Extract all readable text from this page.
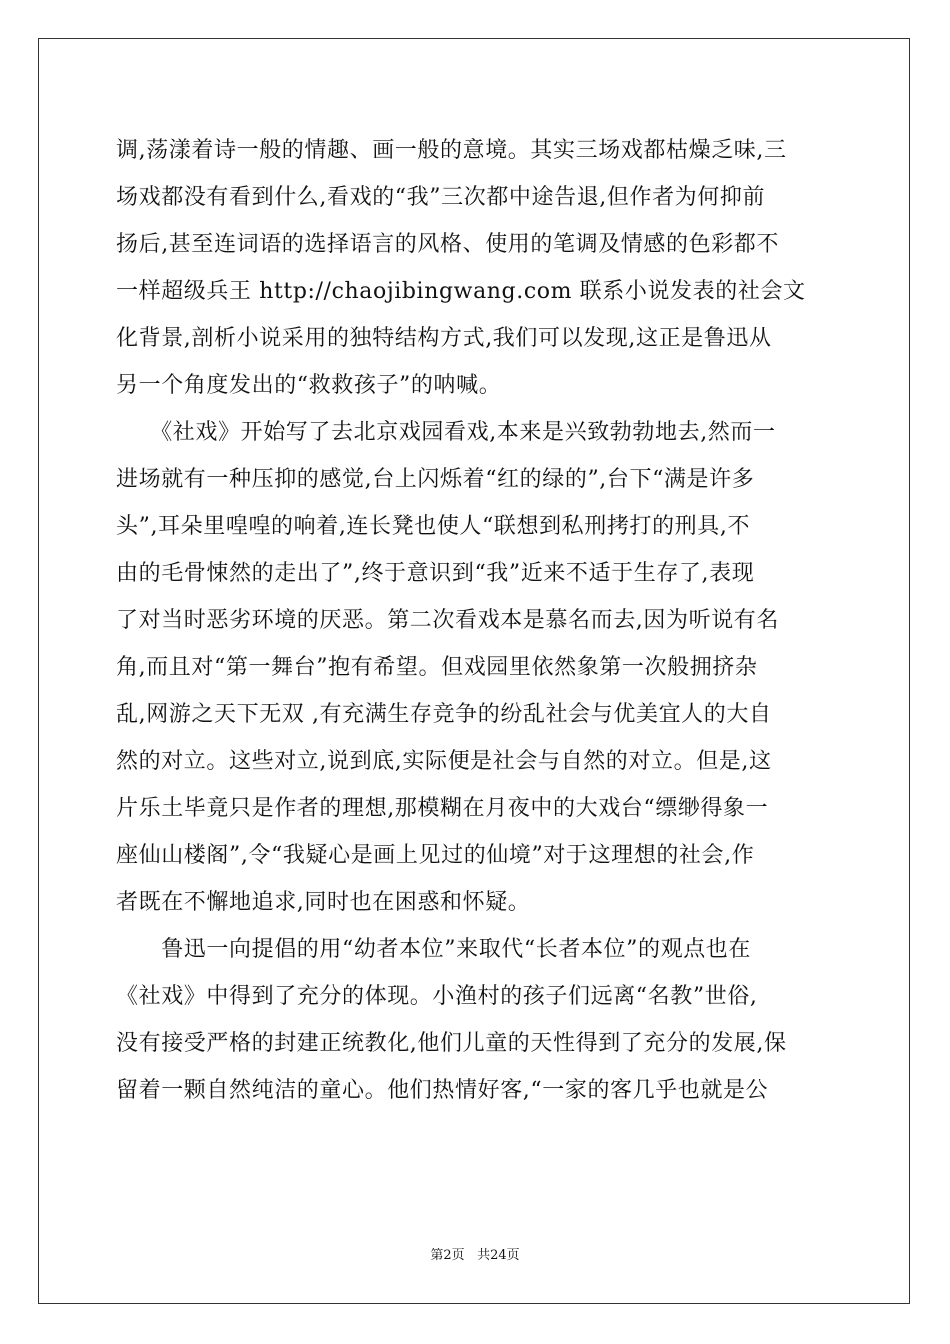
调,荡漾着诗一般的情趣、画一般的意境。其实三场戏都枯燥乏味,三
场戏都没有看到什么,看戏的“我”三次都中途告退,但作者为何抑前
扬后,甚至连词语的选择语言的风格、使用的笔调及情感的色彩都不
一样超级兵王 http://chaojibingwang.com 联系小说发表的社会文
化背景,剖析小说采用的独特结构方式,我们可以发现,这正是鲁迅从
另一个角度发出的“救救孩子”的呐喊。
　　《社戏》开始写了去北京戏园看戏,本来是兴致勃勃地去,然而一
进场就有一种压抑的感觉,台上闪烁着“红的绿的”,台下“满是许多
头”,耳朵里喤喤的响着,连长凳也使人“联想到私刑拷打的刑具,不
由的毛骨悚然的走出了”,终于意识到“我”近来不适于生存了,表现
了对当时恶劣环境的厌恶。第二次看戏本是慕名而去,因为听说有名
角,而且对“第一舞台”抱有希望。但戏园里依然象第一次般拥挤杂
乱,网游之天下无双 ,有充满生存竞争的纷乱社会与优美宜人的大自
然的对立。这些对立,说到底,实际便是社会与自然的对立。但是,这
片乐土毕竟只是作者的理想,那模糊在月夜中的大戏台“缥缈得象一
座仙山楼阁”,令“我疑心是画上见过的仙境”对于这理想的社会,作
者既在不懈地追求,同时也在困惑和怀疑。
　　鲁迅一向提倡的用“幼者本位”来取代“长者本位”的观点也在
《社戏》中得到了充分的体现。小渔村的孩子们远离“名教”世俗,
没有接受严格的封建正统教化,他们儿童的天性得到了充分的发展,保
留着一颗自然纯洁的童心。他们热情好客,“一家的客几乎也就是公
第2页 共24页
